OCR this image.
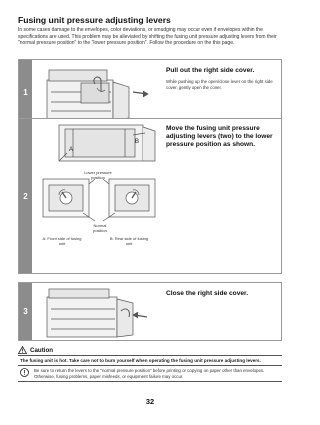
Fusing unit pressure adjusting levers

In some cases damage to the envelopes, color deviations, or smudging may occur even if envelopes within the specifications are used. This problem may be alleviated by shifting the fusing unit pressure adjusting levers from their "normal pressure position" to the "lower pressure position". Follow the procedure on the this page.

1

Pull out the right side cover.

While pushing up the open/close lever on the right side cover, gently open the cover.

2
A
B
Lower pressure position
Normal position
A: Front side of fusing unit
B: Rear side of fusing unit

Move the fusing unit pressure adjusting levers (two) to the lower pressure position as shown.

3

Close the right side cover.

Caution

The fusing unit is hot. Take care not to burn yourself when operating the fusing unit pressure adjusting levers.

Be sure to return the levers to the "normal pressure position" before printing or copying on paper other than envelopes. Otherwise, fusing problems, paper misfeeds, or equipment failure may occur.

32
